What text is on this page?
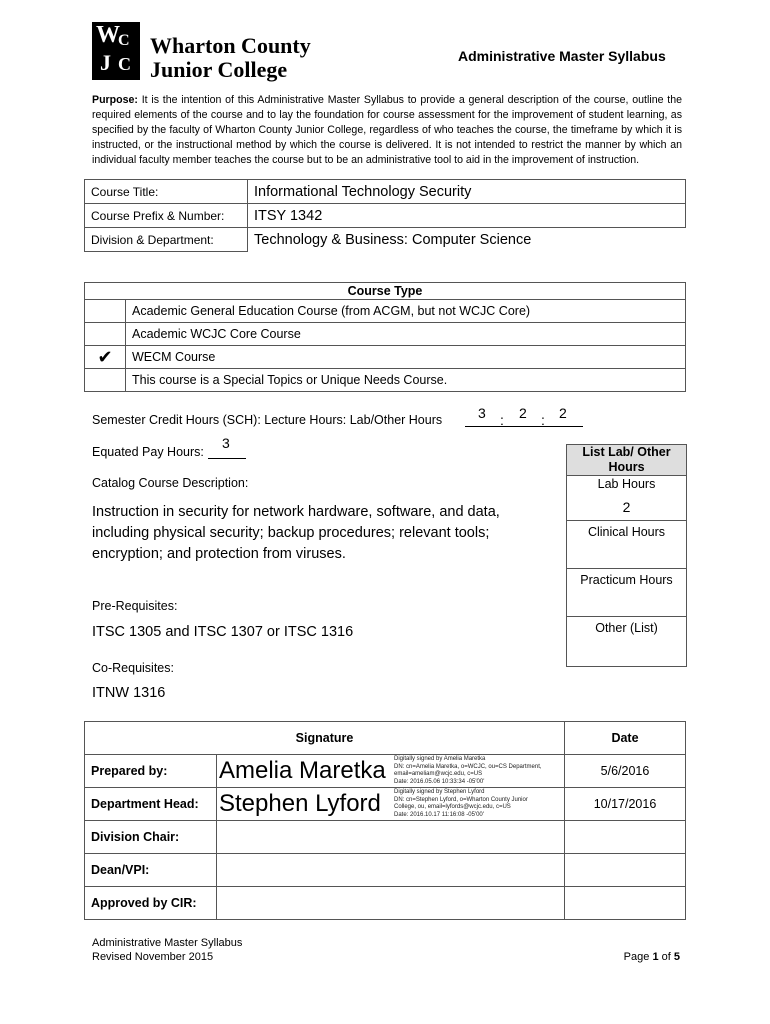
W
C
J C
Wharton County
Junior College
Administrative Master Syllabus
Purpose: It is the intention of this Administrative Master Syllabus to provide a general description of the course, outline the required elements of the course and to lay the foundation for course assessment for the improvement of student learning, as specified by the faculty of Wharton County Junior College, regardless of who teaches the course, the timeframe by which it is instructed, or the instructional method by which the course is delivered. It is not intended to restrict the manner by which an individual faculty member teaches the course but to be an administrative tool to aid in the improvement of instruction.
Course Title:	Informational Technology Security
Course Prefix & Number:	ITSY 1342
Division & Department:	Technology & Business: Computer Science
Course Type	
	Academic General Education Course (from ACGM, but not WCJC Core)
	Academic WCJC Core Course
✔	WECM Course
	This course is a Special Topics or Unique Needs Course.
Semester Credit Hours (SCH): Lecture Hours: Lab/Other Hours	3 : 2 : 2
Equated Pay Hours:
3
Catalog Course Description:
Instruction in security for network hardware, software, and data, including physical security; backup procedures; relevant tools; encryption; and protection from viruses.
Pre-Requisites:
ITSC 1305 and ITSC 1307 or ITSC 1316
Co-Requisites:
ITNW 1316
List Lab/ Other Hours
Lab Hours
2
Clinical Hours
Practicum Hours
Other (List)
Signature		Date
Prepared by:	Amelia Maretka Digitally signed by Amelia Maretka
DN: cn=Amelia Maretka, o=WCJC, ou=CS Department,
email=ameliam@wcjc.edu, c=US
Date: 2016.05.06 10:33:34 -05'00'	5/6/2016
Department Head:	Stephen Lyford Digitally signed by Stephen Lyford
DN: cn=Stephen Lyford, o=Wharton County Junior
College, ou, email=lyfords@wcjc.edu, c=US
Date: 2016.10.17 11:16:08 -05'00'	10/17/2016
Division Chair:		
Dean/VPI:		
Approved by CIR:		
Administrative Master Syllabus
Revised November 2015	Page 1 of 5
